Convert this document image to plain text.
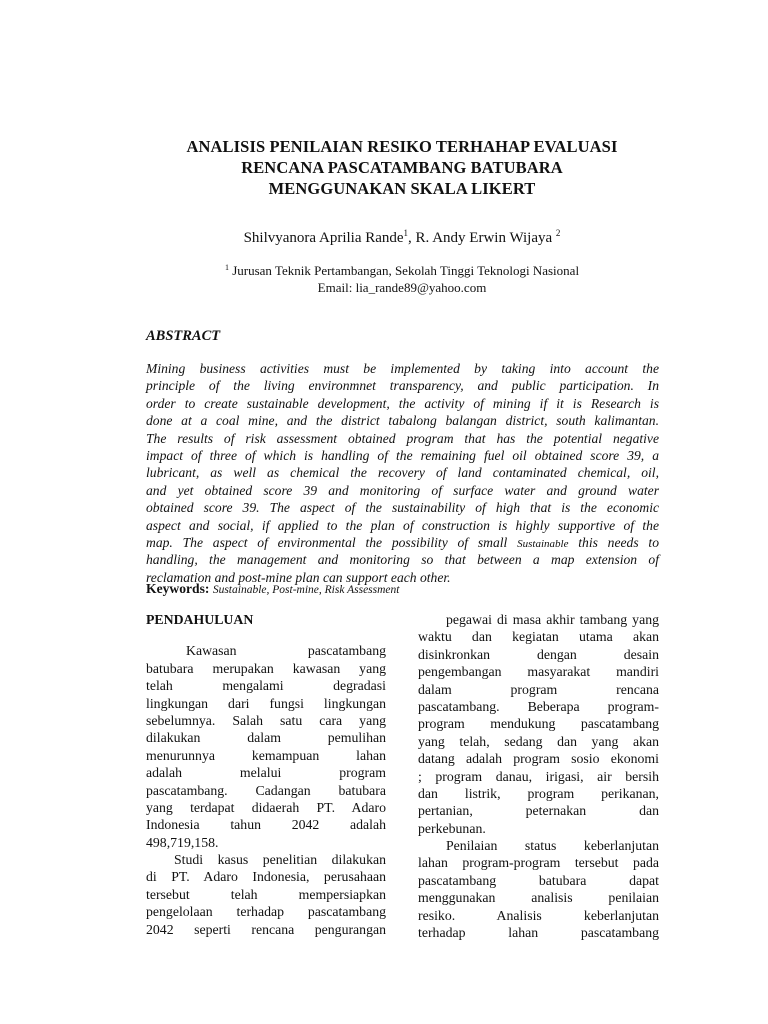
ANALISIS PENILAIAN RESIKO TERHAHAP EVALUASI
RENCANA PASCATAMBANG BATUBARA
MENGGUNAKAN SKALA LIKERT
Shilvyanora Aprilia Rande$^1$, R. Andy Erwin Wijaya $^2$
$^1$ Jurusan Teknik Pertambangan, Sekolah Tinggi Teknologi Nasional
Email: lia_rande89@yahoo.com
ABSTRACT
Mining business activities must be implemented by taking into account the
principle of the living environmnet transparency, and public participation. In
order to create sustainable development, the activity of mining if it is Research is
done at a coal mine, and the district tabalong balangan district, south kalimantan.
The results of risk assessment obtained program that has the potential negative
impact of three of which is handling of the remaining fuel oil obtained score 39, a
lubricant, as well as chemical the recovery of land contaminated chemical, oil,
and yet obtained score 39 and monitoring of surface water and ground water
obtained score 39. The aspect of the sustainability of high that is the economic
aspect and social, if applied to the plan of construction is highly supportive of the
map. The aspect of environmental the possibility of small Sustainable this needs to
handling, the management and monitoring so that between a map extension of
reclamation and post-mine plan can support each other.
Keywords: Sustainable, Post-mine, Risk Assessment
PENDAHULUAN
Kawasan pascatambang
batubara merupakan kawasan yang
telah mengalami degradasi
lingkungan dari fungsi lingkungan
sebelumnya. Salah satu cara yang
dilakukan dalam pemulihan
menurunnya kemampuan lahan
adalah melalui program
pascatambang. Cadangan batubara
yang terdapat didaerah PT. Adaro
Indonesia tahun 2042 adalah
498,719,158.
Studi kasus penelitian dilakukan
di PT. Adaro Indonesia, perusahaan
tersebut telah mempersiapkan
pengelolaan terhadap pascatambang
2042 seperti rencana pengurangan
pegawai di masa akhir tambang yang
waktu dan kegiatan utama akan
disinkronkan dengan desain
pengembangan masyarakat mandiri
dalam program rencana
pascatambang. Beberapa program-
program mendukung pascatambang
yang telah, sedang dan yang akan
datang adalah program sosio ekonomi
; program danau, irigasi, air bersih
dan listrik, program perikanan,
pertanian, peternakan dan
perkebunan.
Penilaian status keberlanjutan
lahan program-program tersebut pada
pascatambang batubara dapat
menggunakan analisis penilaian
resiko. Analisis keberlanjutan
terhadap lahan pascatambang
